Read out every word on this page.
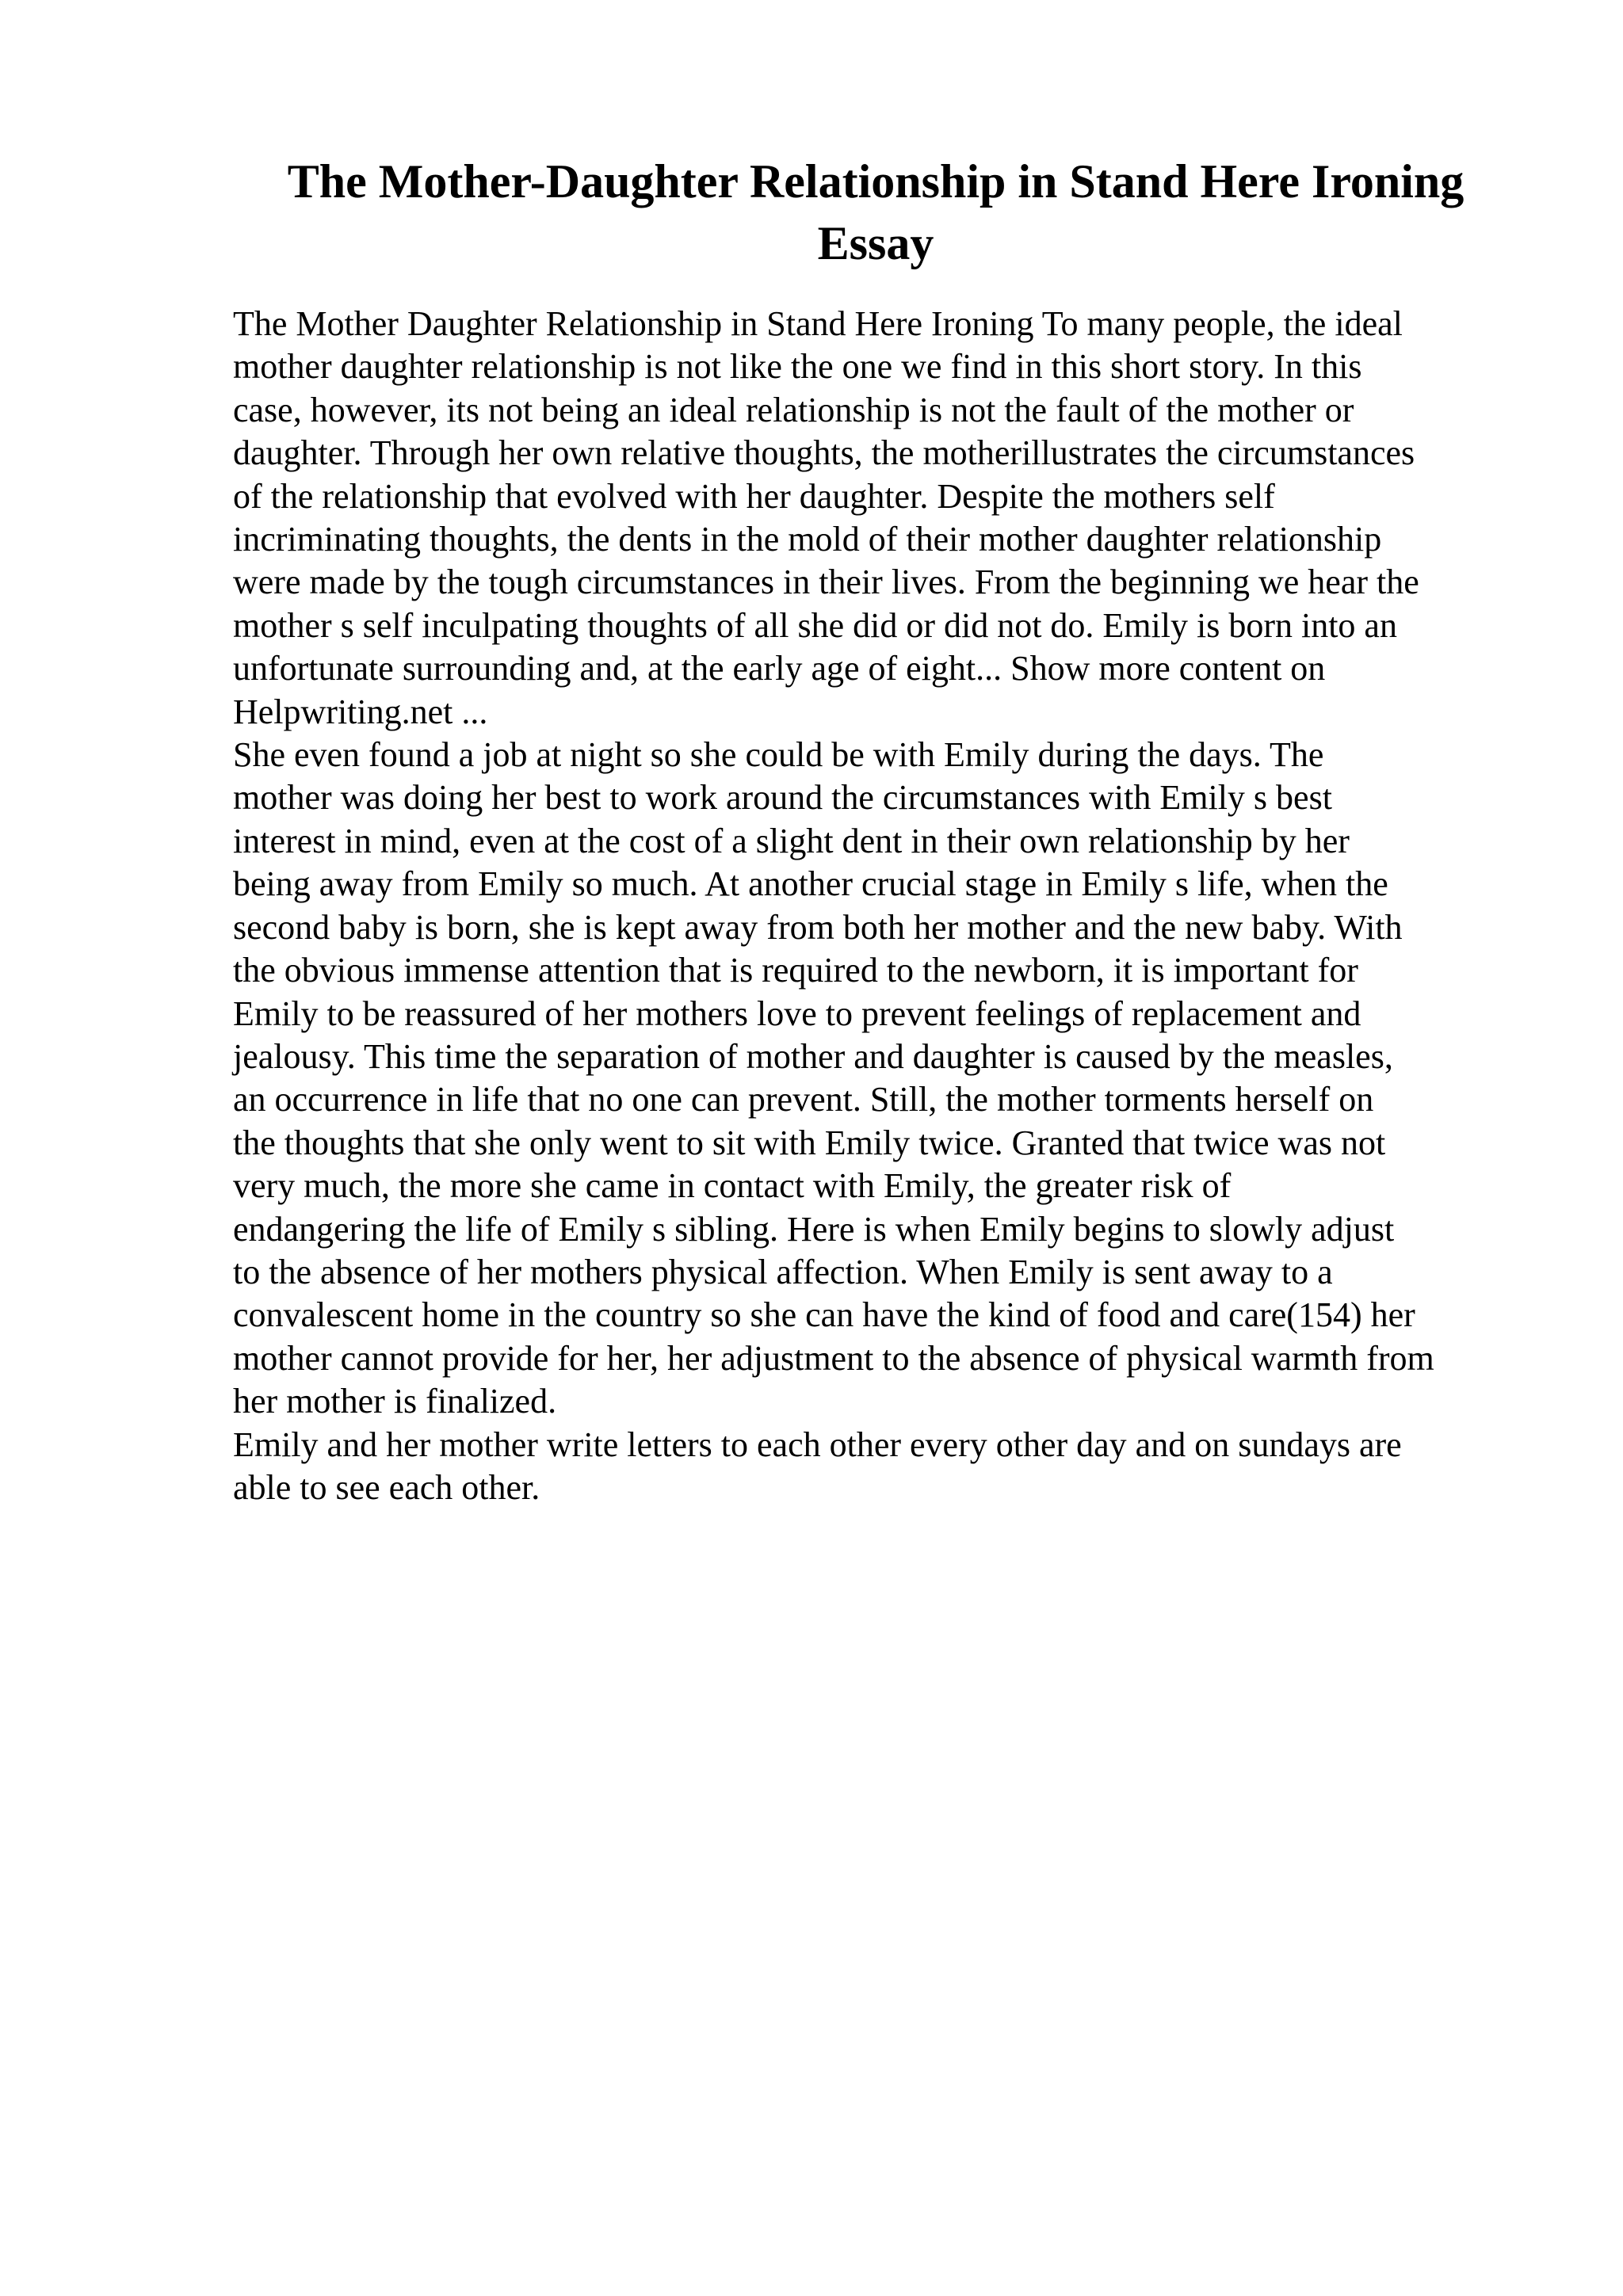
The Mother-Daughter Relationship in Stand Here Ironing
Essay
The Mother Daughter Relationship in Stand Here Ironing To many people, the ideal
mother daughter relationship is not like the one we find in this short story. In this
case, however, its not being an ideal relationship is not the fault of the mother or
daughter. Through her own relative thoughts, the motherillustrates the circumstances
of the relationship that evolved with her daughter. Despite the mothers self
incriminating thoughts, the dents in the mold of their mother daughter relationship
were made by the tough circumstances in their lives. From the beginning we hear the
mother s self inculpating thoughts of all she did or did not do. Emily is born into an
unfortunate surrounding and, at the early age of eight... Show more content on
Helpwriting.net ...
She even found a job at night so she could be with Emily during the days. The
mother was doing her best to work around the circumstances with Emily s best
interest in mind, even at the cost of a slight dent in their own relationship by her
being away from Emily so much. At another crucial stage in Emily s life, when the
second baby is born, she is kept away from both her mother and the new baby. With
the obvious immense attention that is required to the newborn, it is important for
Emily to be reassured of her mothers love to prevent feelings of replacement and
jealousy. This time the separation of mother and daughter is caused by the measles,
an occurrence in life that no one can prevent. Still, the mother torments herself on
the thoughts that she only went to sit with Emily twice. Granted that twice was not
very much, the more she came in contact with Emily, the greater risk of
endangering the life of Emily s sibling. Here is when Emily begins to slowly adjust
to the absence of her mothers physical affection. When Emily is sent away to a
convalescent home in the country so she can have the kind of food and care(154) her
mother cannot provide for her, her adjustment to the absence of physical warmth from
her mother is finalized.
Emily and her mother write letters to each other every other day and on sundays are
able to see each other.
